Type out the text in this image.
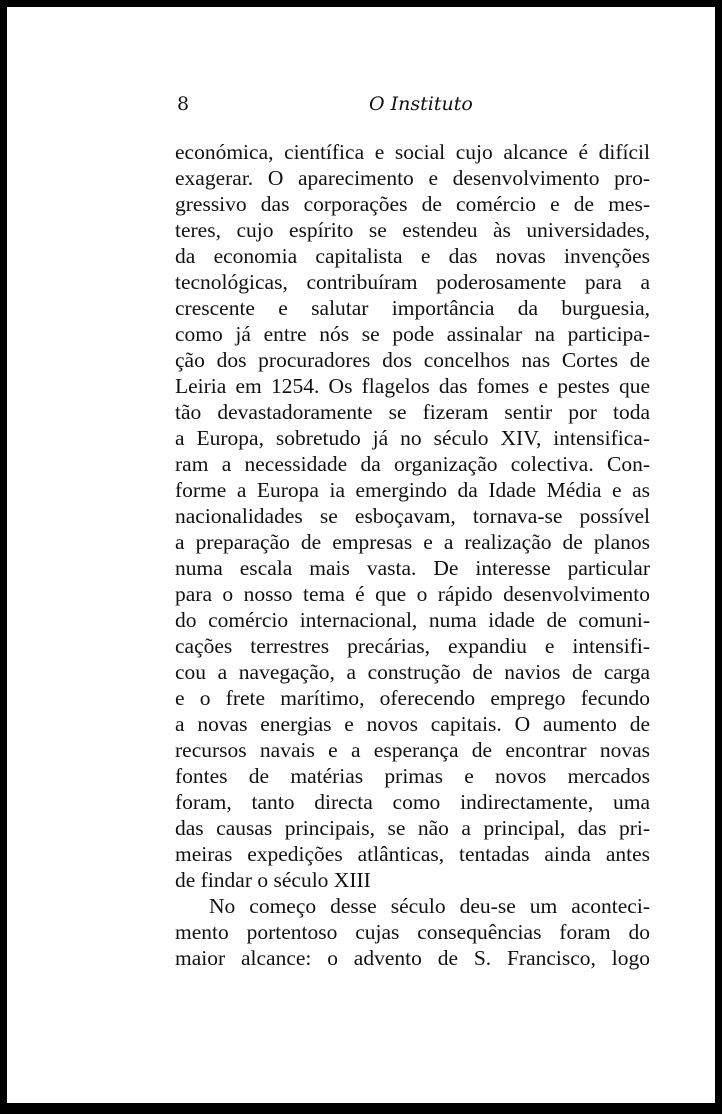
8	O Instituto
económica, científica e social cujo alcance é difícil
exagerar. O aparecimento e desenvolvimento pro-
gressivo das corporações de comércio e de mes-
teres, cujo espírito se estendeu às universidades,
da economia capitalista e das novas invenções
tecnológicas, contribuíram poderosamente para a
crescente e salutar importância da burguesia,
como já entre nós se pode assinalar na participa-
ção dos procuradores dos concelhos nas Cortes de
Leiria em 1254. Os flagelos das fomes e pestes que
tão devastadoramente se fizeram sentir por toda
a Europa, sobretudo já no século XIV, intensifica-
ram a necessidade da organização colectiva. Con-
forme a Europa ia emergindo da Idade Média e as
nacionalidades se esboçavam, tornava-se possível
a preparação de empresas e a realização de planos
numa escala mais vasta. De interesse particular
para o nosso tema é que o rápido desenvolvimento
do comércio internacional, numa idade de comuni-
cações terrestres precárias, expandiu e intensifi-
cou a navegação, a construção de navios de carga
e o frete marítimo, oferecendo emprego fecundo
a novas energias e novos capitais. O aumento de
recursos navais e a esperança de encontrar novas
fontes de matérias primas e novos mercados
foram, tanto directa como indirectamente, uma
das causas principais, se não a principal, das pri-
meiras expedições atlânticas, tentadas ainda antes
de findar o século XIII
No começo desse século deu-se um aconteci-
mento portentoso cujas consequências foram do
maior alcance: o advento de S. Francisco, logo
